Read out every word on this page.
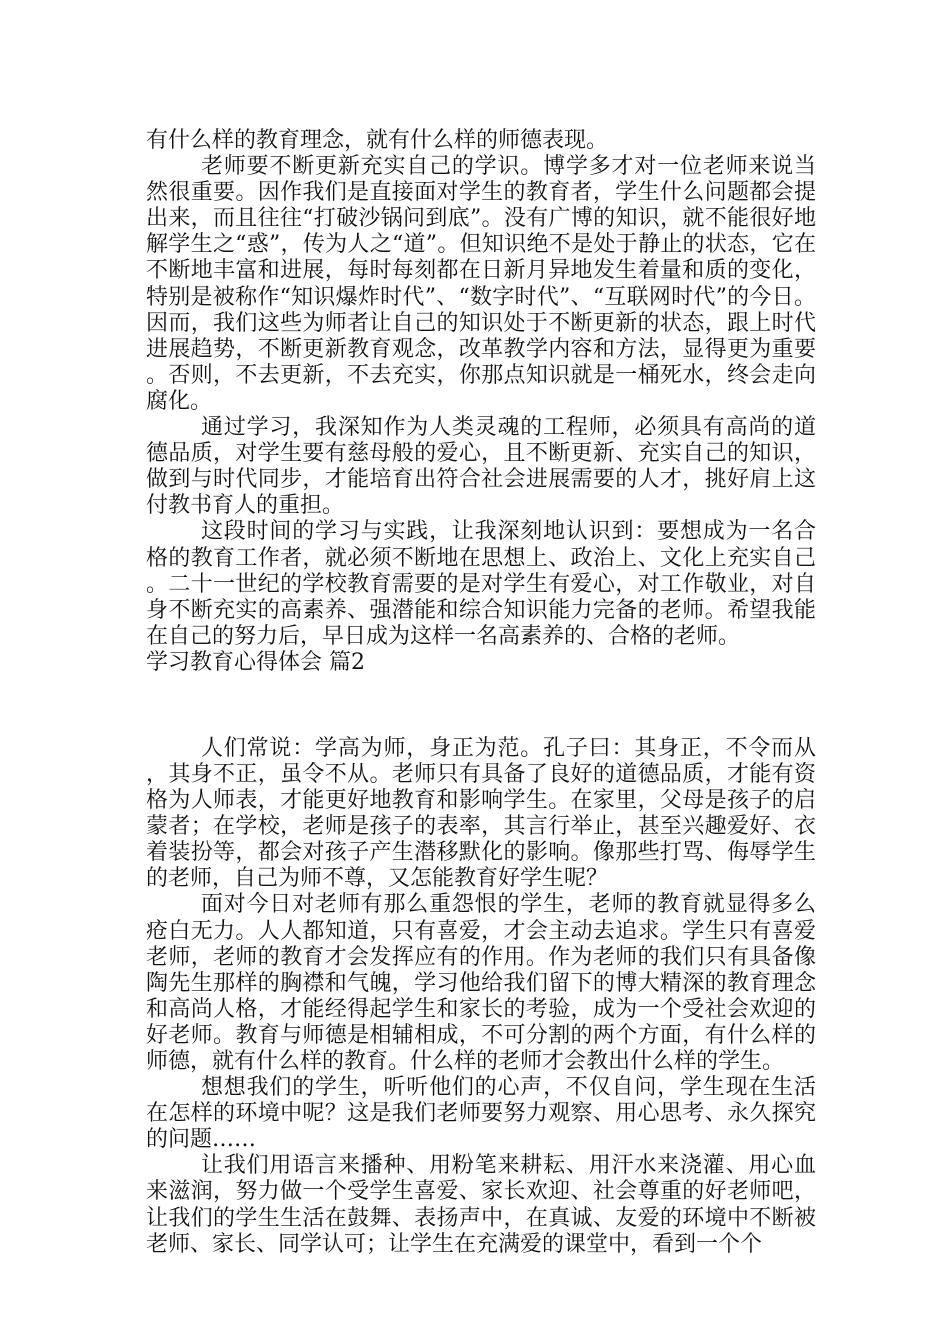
有什么样的教育理念，就有什么样的师德表现。

老师要不断更新充实自己的学识。博学多才对一位老师来说当然很重要。因作我们是直接面对学生的教育者，学生什么问题都会提出来，而且往往“打破沙锅问到底”。没有广博的知识，就不能很好地解学生之“惑”，传为人之“道”。但知识绝不是处于静止的状态，它在不断地丰富和进展，每时每刻都在日新月异地发生着量和质的变化，特别是被称作“知识爆炸时代”、“数字时代”、“互联网时代”的今日。因而，我们这些为师者让自己的知识处于不断更新的状态，跟上时代进展趋势，不断更新教育观念，改革教学内容和方法，显得更为重要。否则，不去更新，不去充实，你那点知识就是一桶死水，终会走向腐化。

通过学习，我深知作为人类灵魂的工程师，必须具有高尚的道德品质，对学生要有慈母般的爱心，且不断更新、充实自己的知识，做到与时代同步，才能培育出符合社会进展需要的人才，挑好肩上这付教书育人的重担。

这段时间的学习与实践，让我深刻地认识到：要想成为一名合格的教育工作者，就必须不断地在思想上、政治上、文化上充实自己。二十一世纪的学校教育需要的是对学生有爱心，对工作敬业，对自身不断充实的高素养、强潜能和综合知识能力完备的老师。希望我能在自己的努力后，早日成为这样一名高素养的、合格的老师。

学习教育心得体会 篇2

人们常说：学高为师，身正为范。孔子曰：其身正，不令而从，其身不正，虽令不从。老师只有具备了良好的道德品质，才能有资格为人师表，才能更好地教育和影响学生。在家里，父母是孩子的启蒙者；在学校，老师是孩子的表率，其言行举止，甚至兴趣爱好、衣着装扮等，都会对孩子产生潜移默化的影响。像那些打骂、侮辱学生的老师，自己为师不尊，又怎能教育好学生呢？

面对今日对老师有那么重怨恨的学生，老师的教育就显得多么疮白无力。人人都知道，只有喜爱，才会主动去追求。学生只有喜爱老师，老师的教育才会发挥应有的作用。作为老师的我们只有具备像陶先生那样的胸襟和气魄，学习他给我们留下的博大精深的教育理念和高尚人格，才能经得起学生和家长的考验，成为一个受社会欢迎的好老师。教育与师德是相辅相成，不可分割的两个方面，有什么样的师德，就有什么样的教育。什么样的老师才会教出什么样的学生。

想想我们的学生，听听他们的心声，不仅自问，学生现在生活在怎样的环境中呢？这是我们老师要努力观察、用心思考、永久探究的问题……

让我们用语言来播种、用粉笔来耕耘、用汗水来浇灌、用心血来滋润，努力做一个受学生喜爱、家长欢迎、社会尊重的好老师吧，让我们的学生生活在鼓舞、表扬声中，在真诚、友爱的环境中不断被老师、家长、同学认可；让学生在充满爱的课堂中，看到一个个
